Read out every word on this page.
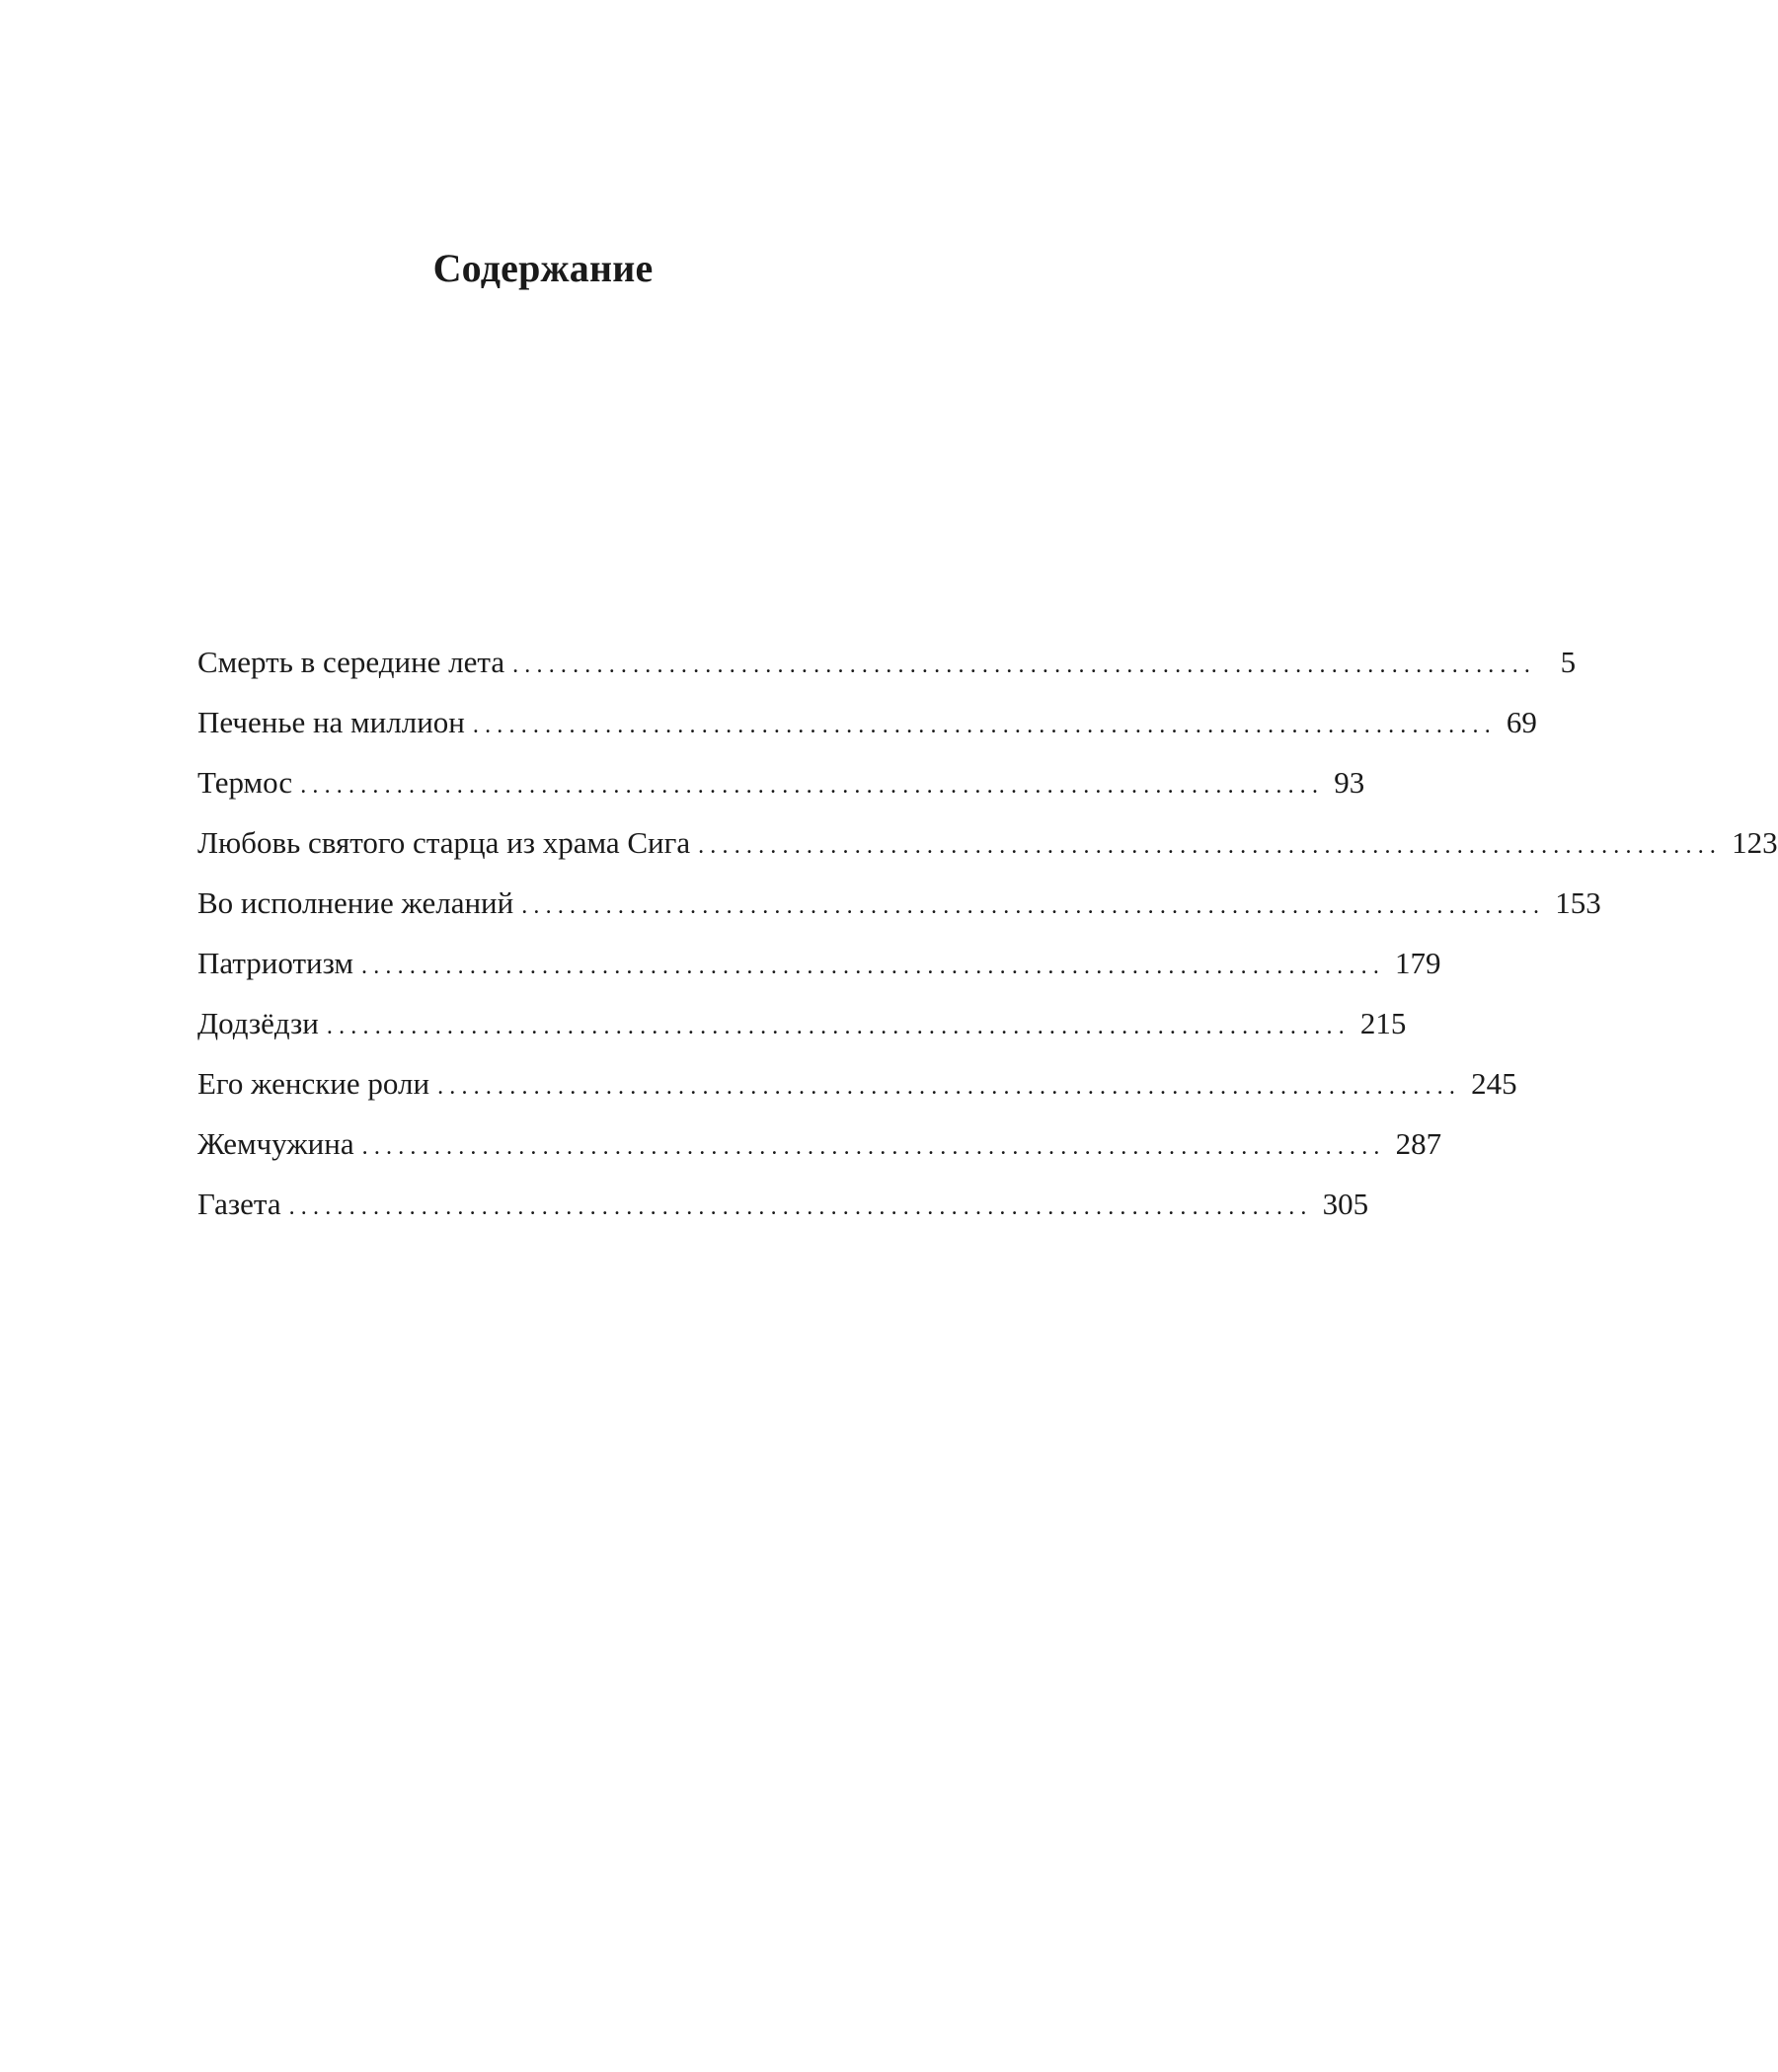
Содержание
Смерть в середине лета ..................................................................................... 5
Печенье на миллион ..................................................................................... 69
Термос ..................................................................................... 93
Любовь святого старца из храма Сига ..................................................................................... 123
Во исполнение желаний ..................................................................................... 153
Патриотизм ..................................................................................... 179
Додзёдзи ..................................................................................... 215
Его женские роли ..................................................................................... 245
Жемчужина ..................................................................................... 287
Газета ..................................................................................... 305
